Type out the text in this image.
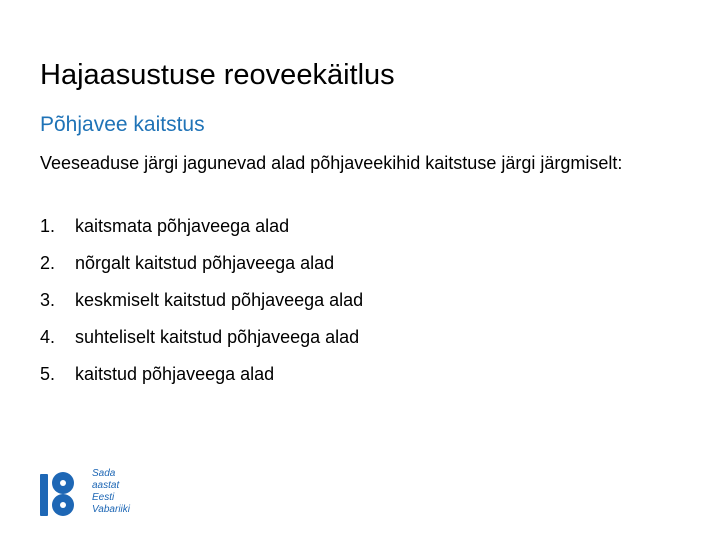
Hajaasustuse reoveekäitlus
Põhjavee kaitstus
Veeseaduse järgi jagunevad alad põhjaveekihid kaitstuse järgi järgmiselt:
1. kaitsmata põhjaveega alad
2. nõrgalt kaitstud põhjaveega alad
3. keskmiselt kaitstud põhjaveega alad
4. suhteliselt kaitstud põhjaveega alad
5. kaitstud põhjaveega alad
Sada
aastat
Eesti
Vabariiki
